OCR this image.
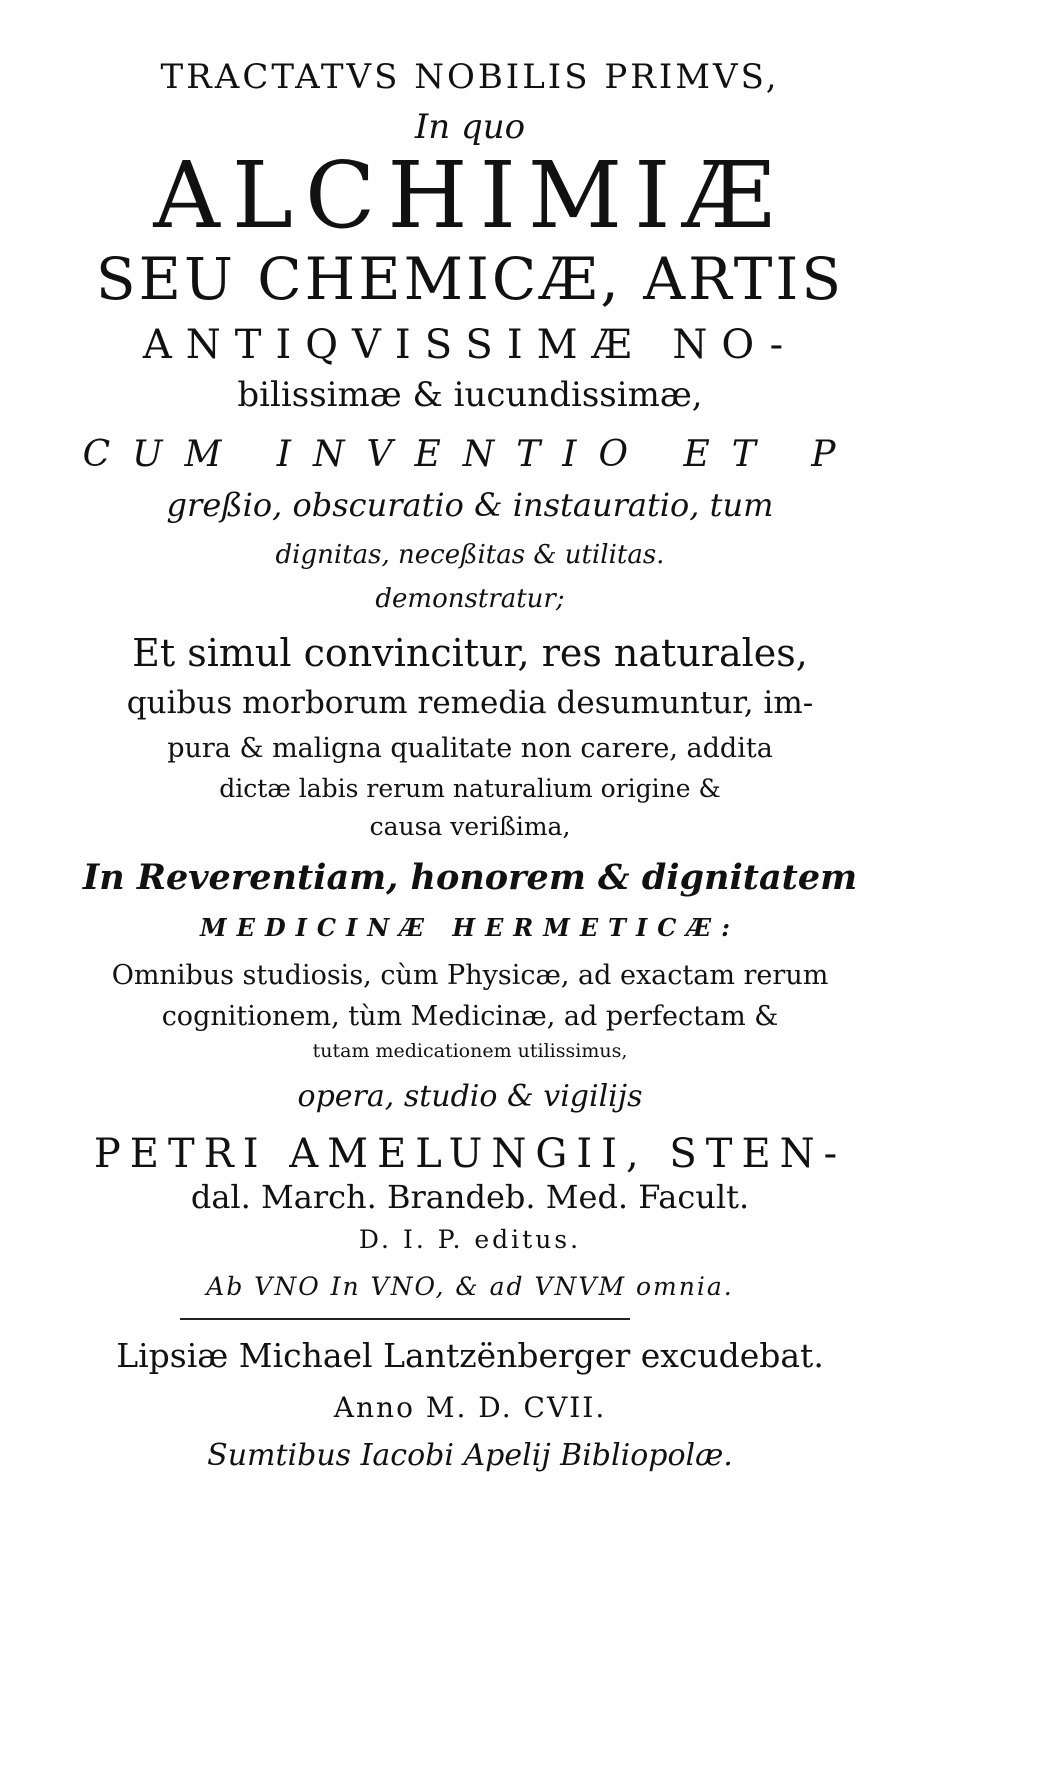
TRACTATVS NOBILIS PRIMVS,
In quo
ALCHIMIÆ
SEU CHEMICÆ, ARTIS
ANTIQVISSIMÆ NO-
bilissimæ & iucundissimæ,
CUM INVENTIO ET P
greßio, obscuratio & instauratio, tum
dignitas, neceßitas & utilitas.
demonstratur;
Et simul convincitur, res naturales,
quibus morborum remedia desumuntur, im-
pura & maligna qualitate non carere, addita
dictæ labis rerum naturalium origine &
causa verißima,
In Reverentiam, honorem & dignitatem
MEDICINÆ HERMETICÆ:
Omnibus studiosis, cùm Physicæ, ad exactam rerum
cognitionem, tùm Medicinæ, ad perfectam &
tutam medicationem utilissimus,
opera, studio & vigilijs
PETRI AMELUNGII, STEN-
dal. March. Brandeb. Med. Facult.
D. I. P. editus.
Ab VNO In VNO, & ad VNVM omnia.
Lipsiæ Michael Lantzënberger excudebat.
Anno M. D. CVII.
Sumtibus Iacobi Apelij Bibliopolæ.
